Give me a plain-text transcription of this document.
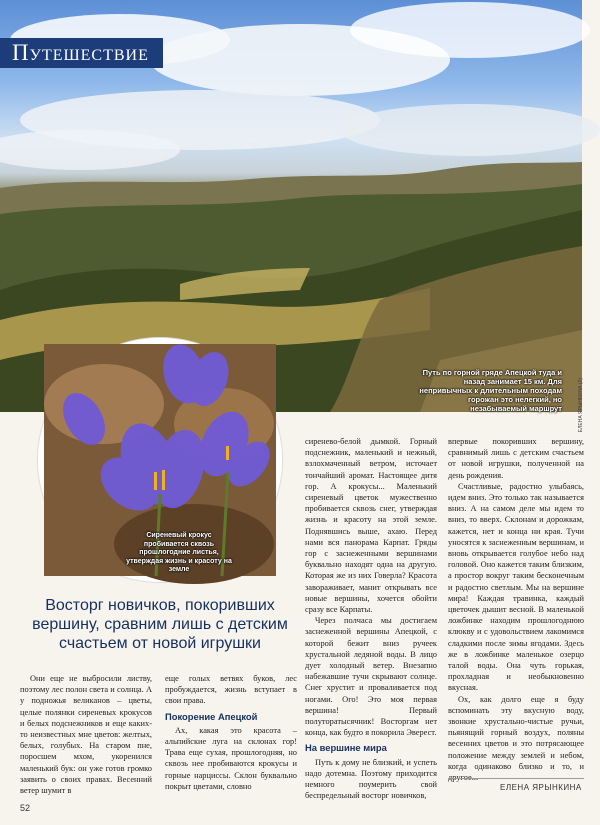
Путешествие
Путь по горной гряде Апецкой туда и назад занимает 15 км. Для непривычных к длительным походам горожан это нелегкий, но незабываемый маршрут	ЕЛЕНА ЯРЫНКИНА (2)
Сиреневый крокус пробивается сквозь прошлогодние листья, утверждая жизнь и красоту на земле
Восторг новичков, покоривших вершину, сравним лишь с детским счастьем от новой игрушки

Они еще не выбросили листву, поэтому лес полон света и солнца. А у подножья великанов – цветы, целые полянки сиреневых крокусов и белых подснежников и еще каких-то неизвестных мне цветов: желтых, белых, голубых. На старом пне, поросшем мхом, укоренился маленький бук: он уже готов громко заявить о своих правах. Весенний ветер шумит в

еще голых ветвях буков, лес пробуждается, жизнь вступает в свои права.

Покорение Апецкой

Ах, какая это красота – альпийские луга на склонах гор! Трава еще сухая, прошлогодняя, но сквозь нее пробиваются крокусы и горные нарциссы. Склон буквально покрыт цветами, словно

сиренево-белой дымкой. Горный подснежник, маленький и нежный, взлохмаченный ветром, источает тончайший аромат. Настоящее дитя гор. А крокусы... Маленький сиреневый цветок мужественно пробивается сквозь снег, утверждая жизнь и красоту на этой земле. Поднявшись выше, ахаю. Перед нами вся панорама Карпат. Гряды гор с заснеженными вершинами буквально находят одна на другую. Которая же из них Говерла? Красота завораживает, манит открывать все новые вершины, хочется обойти сразу все Карпаты.

Через полчаса мы достигаем заснеженной вершины Апецкой, с которой бежит вниз ручеек хрустальной ледяной воды. В лицо дует холодный ветер. Внезапно набежавшие тучи скрывают солнце. Снег хрустит и проваливается под ногами. Ого! Это моя первая вершина! Первый полуторатысячник! Восторгам нет конца, как будто я покорила Эверест.

На вершине мира

Путь к дому не близкий, и успеть надо дотемна. Поэтому приходится немного поумерить свой беспредельный восторг новичков,

впервые покоривших вершину, сравнимый лишь с детским счастьем от новой игрушки, полученной на день рождения.

Счастливые, радостно улыбаясь, идем вниз. Это только так называется вниз. А на самом деле мы идем то вниз, то вверх. Склонам и дорожкам, кажется, нет и конца ни края. Тучи уносятся к заснеженным вершинам, и вновь открывается голубое небо над головой. Оно кажется таким близким, а простор вокруг таким бесконечным и радостно светлым. Мы на вершине мира! Каждая травинка, каждый цветочек дышит весной. В маленькой ложбинке находим прошлогоднюю клюкву и с удовольствием лакомимся сладкими после зимы ягодами. Здесь же в ложбинке маленькое озерцо талой воды. Она чуть горькая, прохладная и необыкновенно вкусная.

Ох, как долго еще я буду вспоминать эту вкусную воду, звонкие хрустально-чистые ручьи, пьянящий горный воздух, поляны весенних цветов и это потрясающее положение между землей и небом, когда одинаково близко и то, и

ЕЛЕНА ЯРЫНКИНА
52
